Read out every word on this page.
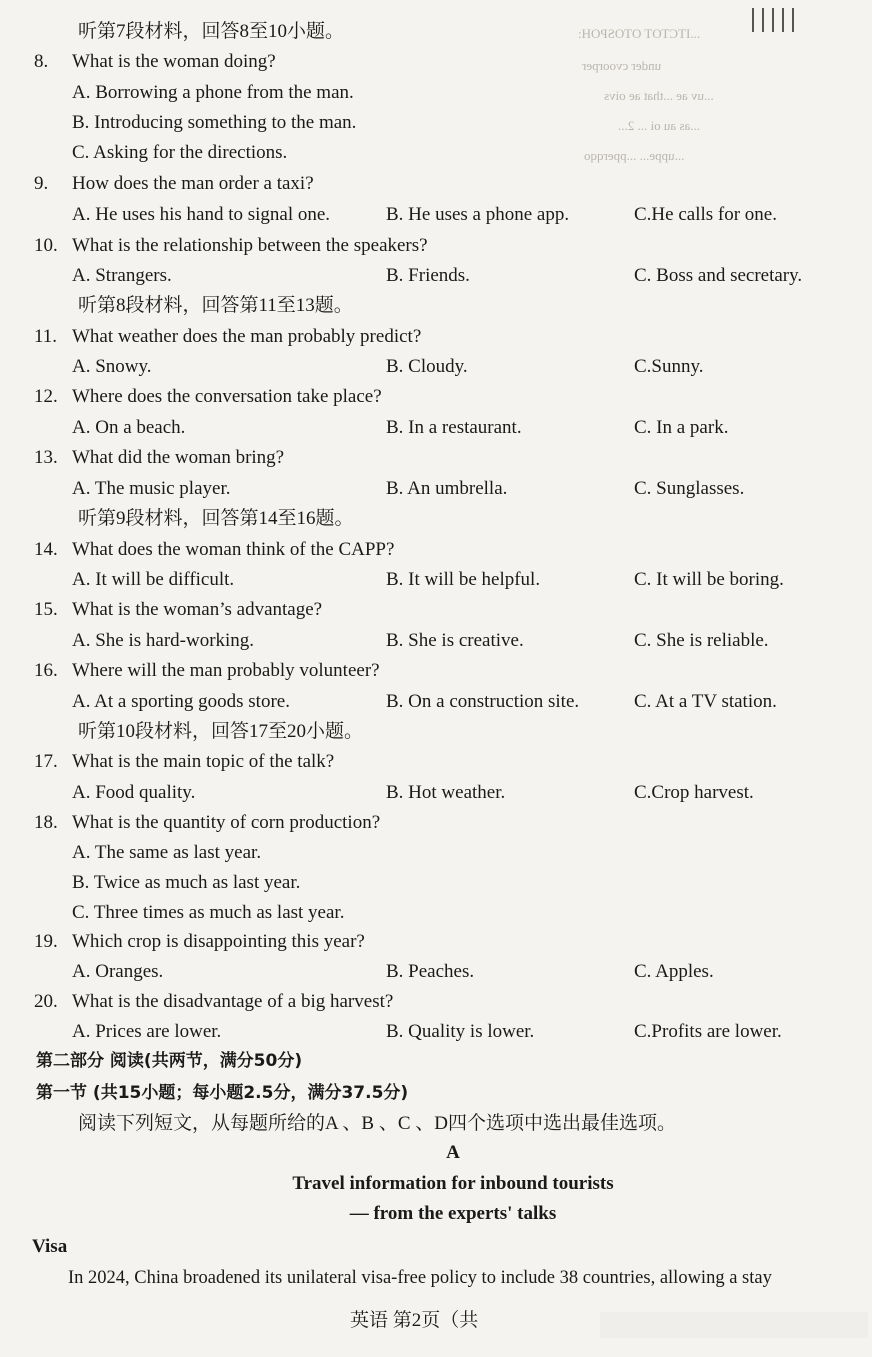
...ITCTOT OTOSPOH:
under cvoorper
...uv ae ...that ae oivs
...as au oi ... 2...
...uppe... ...pperqqo
听第7段材料，回答8至10小题。
8. What is the woman doing?
A. Borrowing a phone from the man.
B. Introducing something to the man.
C. Asking for the directions.
9. How does the man order a taxi?
A. He uses his hand to signal one.	B. He uses a phone app.	C.He calls for one.
10. What is the relationship between the speakers?
A. Strangers.	B. Friends.	C. Boss and secretary.
听第8段材料，回答第11至13题。
11. What weather does the man probably predict?
A. Snowy.	B. Cloudy.	C.Sunny.
12. Where does the conversation take place?
A. On a beach.	B. In a restaurant.	C. In a park.
13. What did the woman bring?
A. The music player.	B. An umbrella.	C. Sunglasses.
听第9段材料，回答第14至16题。
14. What does the woman think of the CAPP?
A. It will be difficult.	B. It will be helpful.	C. It will be boring.
15. What is the woman’s advantage?
A. She is hard-working.	B. She is creative.	C. She is reliable.
16. Where will the man probably volunteer?
A. At a sporting goods store.	B. On a construction site.	C. At a TV station.
听第10段材料，回答17至20小题。
17. What is the main topic of the talk?
A. Food quality.	B. Hot weather.	C.Crop harvest.
18. What is the quantity of corn production?
A. The same as last year.
B. Twice as much as last year.
C. Three times as much as last year.
19. Which crop is disappointing this year?
A. Oranges.	B. Peaches.	C. Apples.
20. What is the disadvantage of a big harvest?
A. Prices are lower.	B. Quality is lower.	C.Profits are lower.
第二部分 阅读(共两节，满分50分)
第一节 (共15小题；每小题2.5分，满分37.5分)
阅读下列短文，从每题所给的A 、B 、C 、D四个选项中选出最佳选项。
A
Travel information for inbound tourists
— from the experts' talks
Visa
In 2024, China broadened its unilateral visa-free policy to include 38 countries, allowing a stay
英语 第2页（共
